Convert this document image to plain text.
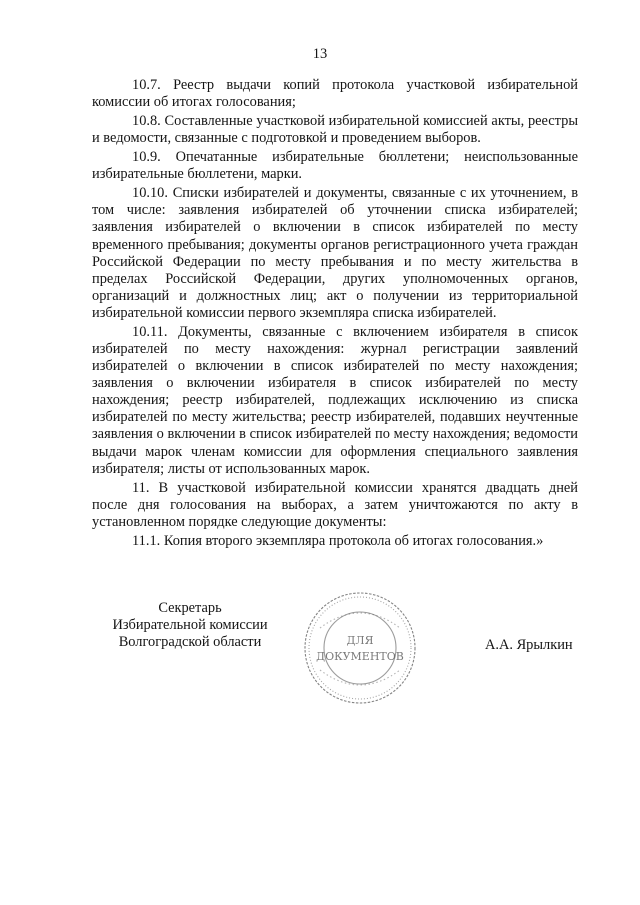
13

10.7. Реестр выдачи копий протокола участковой избирательной комиссии об итогах голосования;

10.8. Составленные участковой избирательной комиссией акты, реестры и ведомости, связанные с подготовкой и проведением выборов.

10.9. Опечатанные избирательные бюллетени; неиспользованные избирательные бюллетени, марки.

10.10. Списки избирателей и документы, связанные с их уточнением, в том числе: заявления избирателей об уточнении списка избирателей; заявления избирателей о включении в список избирателей по месту временного пребывания; документы органов регистрационного учета граждан Российской Федерации по месту пребывания и по месту жительства в пределах Российской Федерации, других уполномоченных органов, организаций и должностных лиц; акт о получении из территориальной избирательной комиссии первого экземпляра списка избирателей.

10.11. Документы, связанные с включением избирателя в список избирателей по месту нахождения: журнал регистрации заявлений избирателей о включении в список избирателей по месту нахождения; заявления о включении избирателя в список избирателей по месту нахождения; реестр избирателей, подлежащих исключению из списка избирателей по месту жительства; реестр избирателей, подавших неучтенные заявления о включении в список избирателей по месту нахождения; ведомости выдачи марок членам комиссии для оформления специального заявления избирателя; листы от использованных марок.

11. В участковой избирательной комиссии хранятся двадцать дней после дня голосования на выборах, а затем уничтожаются по акту в установленном порядке следующие документы:

11.1. Копия второго экземпляра протокола об итогах голосования.»

Секретарь
Избирательной комиссии
Волгоградской области	ДЛЯ
ДОКУМЕНТОВ
А.А. Ярылкин
